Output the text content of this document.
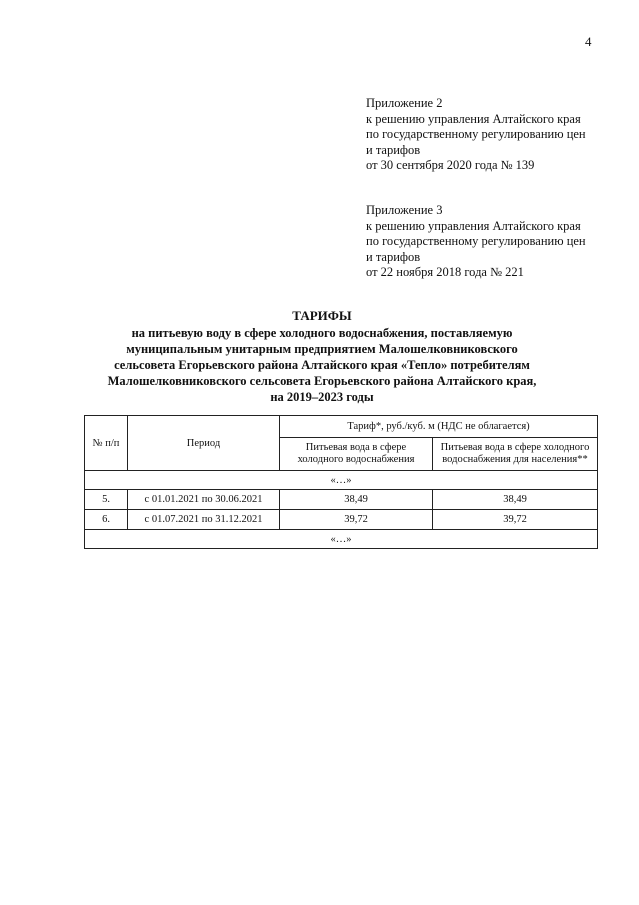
4
Приложение 2
к решению управления Алтайского края
по государственному регулированию цен
и тарифов
от 30 сентября 2020 года № 139
Приложение 3
к решению управления Алтайского края
по государственному регулированию цен
и тарифов
от 22 ноября 2018 года № 221
ТАРИФЫ
на питьевую воду в сфере холодного водоснабжения, поставляемую
муниципальным унитарным предприятием Малошелковниковского
сельсовета Егорьевского района Алтайского края «Тепло» потребителям
Малошелковниковского сельсовета Егорьевского района Алтайского края,
на 2019–2023 годы
№ п/п	Период	Тариф*, руб./куб. м (НДС не облагается)	
		Питьевая вода в сфере холодного водоснабжения	Питьевая вода в сфере холодного водоснабжения для населения**
«…»			
5.	с 01.01.2021 по 30.06.2021	38,49	38,49
6.	с 01.07.2021 по 31.12.2021	39,72	39,72
«…»			
